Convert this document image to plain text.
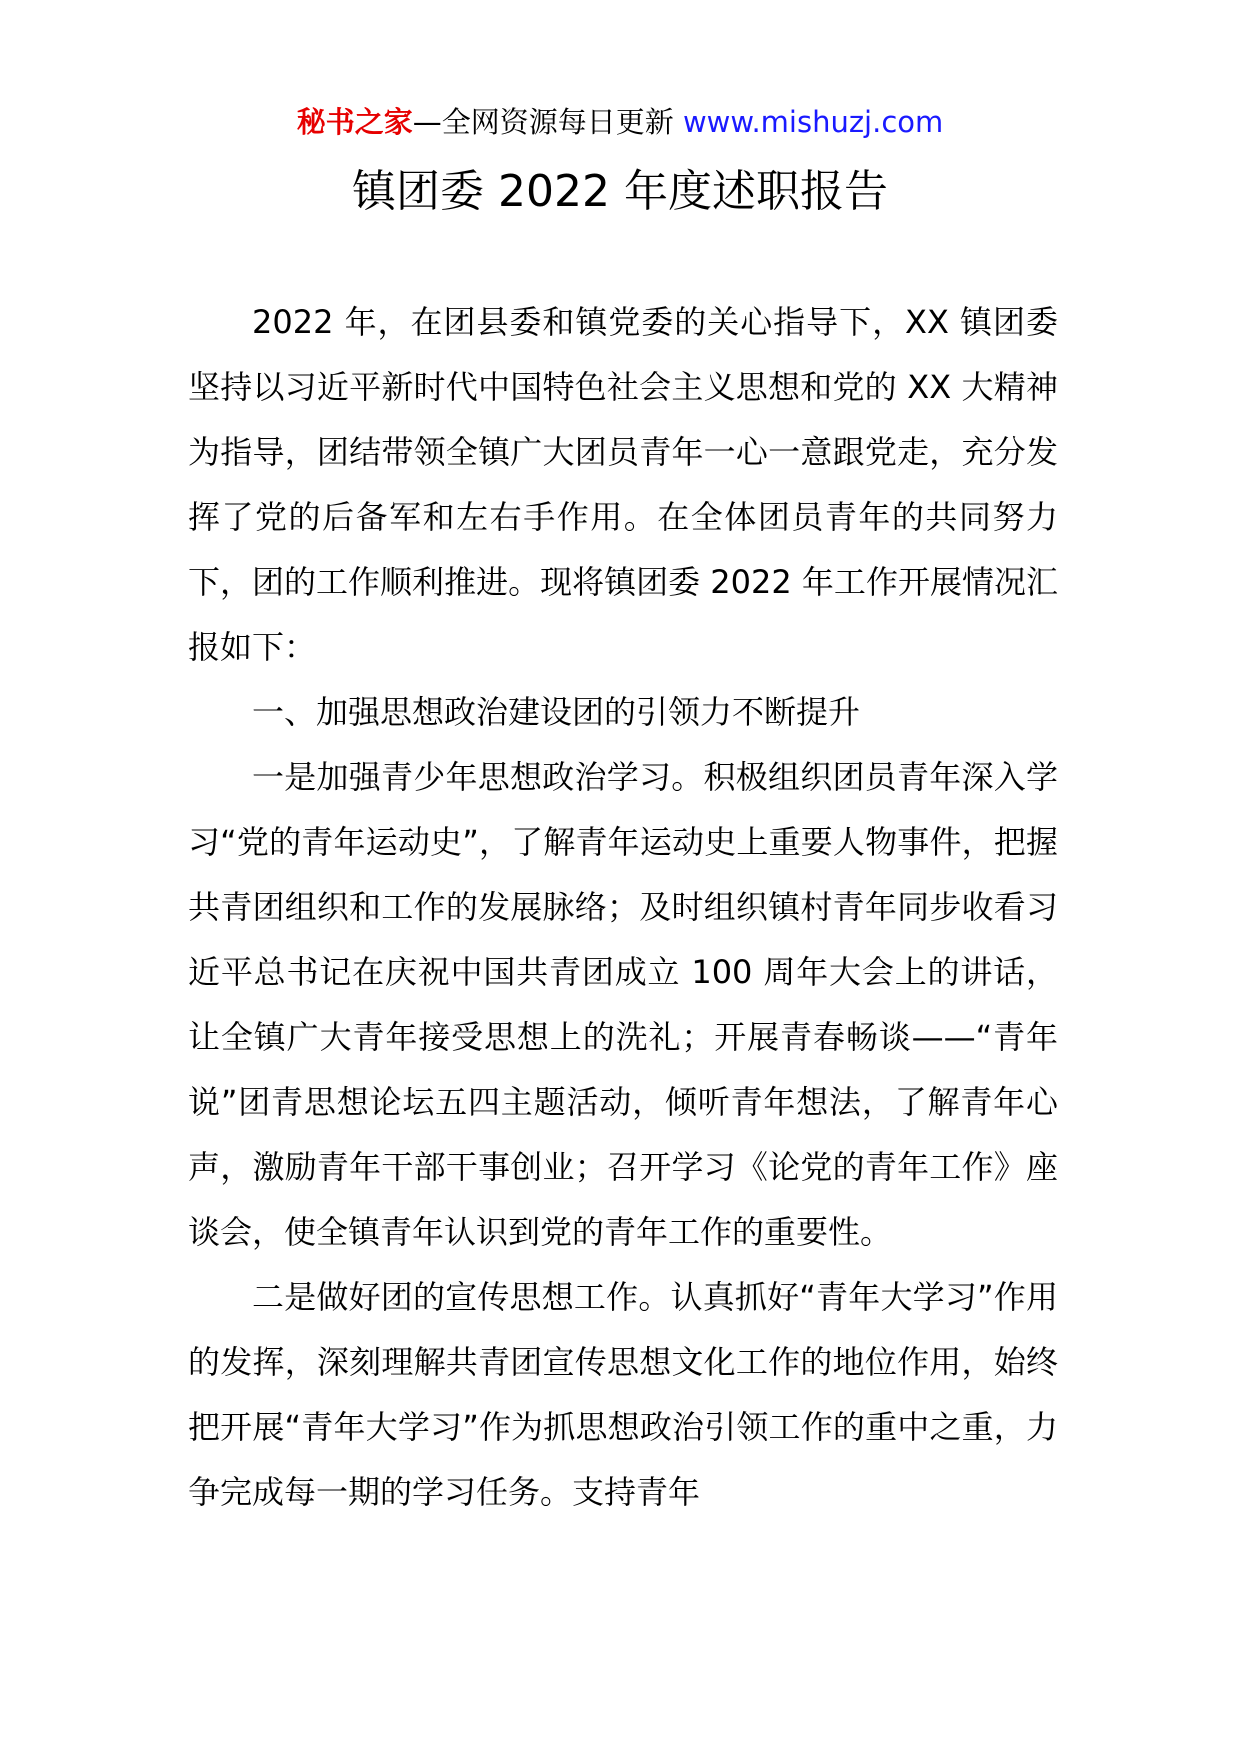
秘书之家—全网资源每日更新 www.mishuzj.com
镇团委 2022 年度述职报告

2022 年，在团县委和镇党委的关心指导下，XX 镇团委坚持以习近平新时代中国特色社会主义思想和党的 XX 大精神为指导，团结带领全镇广大团员青年一心一意跟党走，充分发挥了党的后备军和左右手作用。在全体团员青年的共同努力下，团的工作顺利推进。现将镇团委 2022 年工作开展情况汇报如下：

一、加强思想政治建设团的引领力不断提升

一是加强青少年思想政治学习。积极组织团员青年深入学习“党的青年运动史”，了解青年运动史上重要人物事件，把握共青团组织和工作的发展脉络；及时组织镇村青年同步收看习近平总书记在庆祝中国共青团成立 100 周年大会上的讲话，让全镇广大青年接受思想上的洗礼；开展青春畅谈——“青年说”团青思想论坛五四主题活动，倾听青年想法，了解青年心声，激励青年干部干事创业；召开学习《论党的青年工作》座谈会，使全镇青年认识到党的青年工作的重要性。

二是做好团的宣传思想工作。认真抓好“青年大学习”作用的发挥，深刻理解共青团宣传思想文化工作的地位作用，始终把开展“青年大学习”作为抓思想政治引领工作的重中之重，力争完成每一期的学习任务。支持青年
